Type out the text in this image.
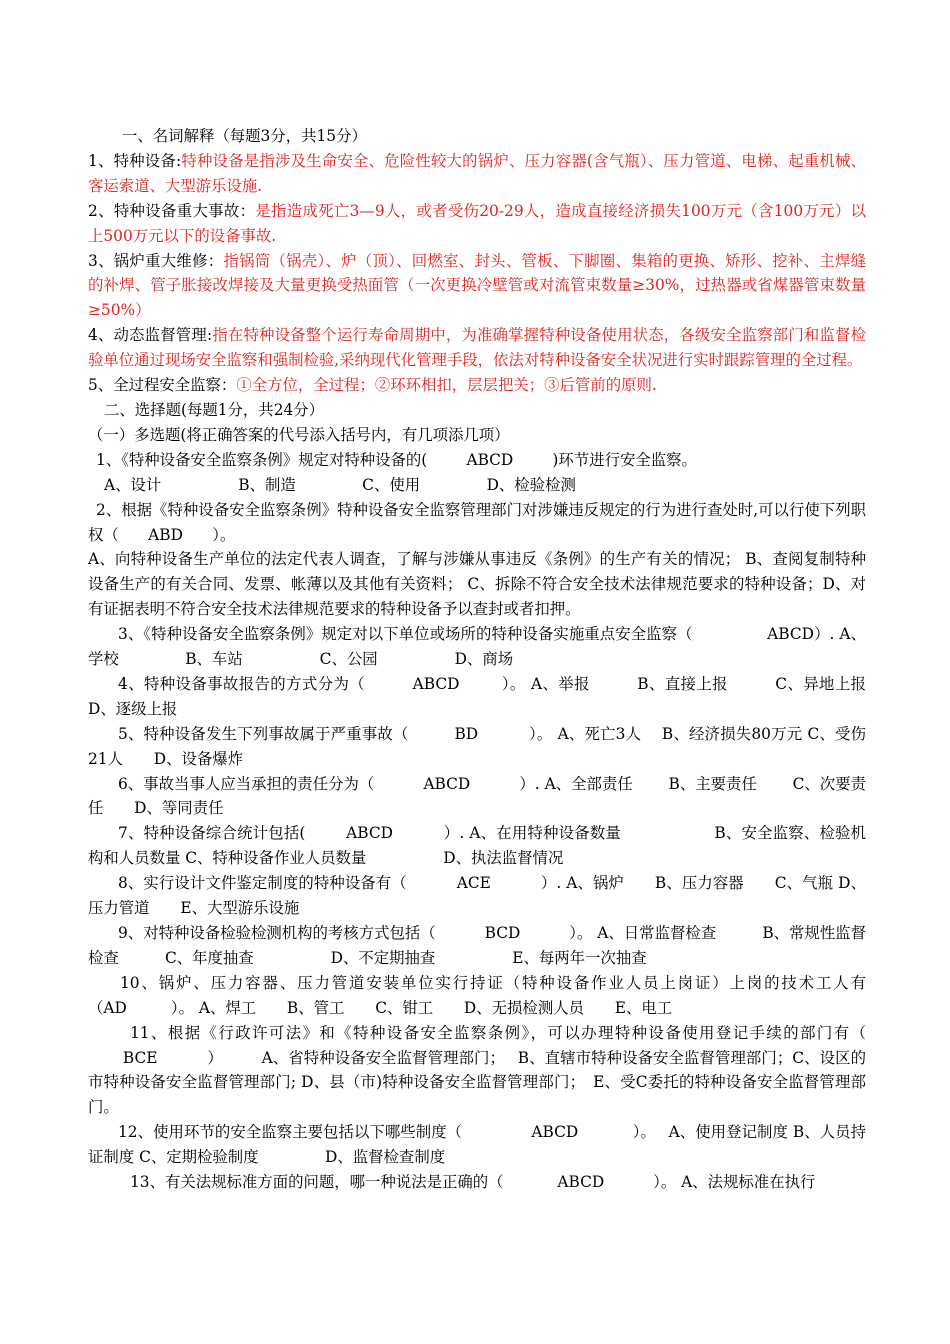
一、名词解释（每题3分，共15分）

1、特种设备:特种设备是指涉及生命安全、危险性较大的锅炉、压力容器(含气瓶）、压力管道、电梯、起重机械、客运索道、大型游乐设施.

2、特种设备重大事故：是指造成死亡3—9人，或者受伤20-29人，造成直接经济损失100万元（含100万元）以上500万元以下的设备事故.

3、锅炉重大维修：指锅筒（锅壳）、炉（顶）、回燃室、封头、管板、下脚圈、集箱的更换、矫形、挖补、主焊缝的补焊、管子胀接改焊接及大量更换受热面管（一次更换冷壁管或对流管束数量≥30%，过热器或省煤器管束数量≥50%）

4、动态监督管理:指在特种设备整个运行寿命周期中，为准确掌握特种设备使用状态，各级安全监察部门和监督检验单位通过现场安全监察和强制检验,采纳现代化管理手段，依法对特种设备安全状况进行实时跟踪管理的全过程。

5、全过程安全监察：①全方位，全过程；②环环相扣，层层把关；③后管前的原则.

二、选择题(每题1分，共24分）

（一）多选题(将正确答案的代号添入括号内，有几项添几项）

1、《特种设备安全监察条例》规定对特种设备的(        ABCD        )环节进行安全监察。

A、设计　　　　　B、制造　　　　 C、使用　　　　 D、检验检测

2、根据《特种设备安全监察条例》特种设备安全监察管理部门对涉嫌违反规定的行为进行查处时,可以行使下列职权（      ABD      ）。

A、向特种设备生产单位的法定代表人调查，了解与涉嫌从事违反《条例》的生产有关的情况； B、查阅复制特种设备生产的有关合同、发票、帐薄以及其他有关资料； C、拆除不符合安全技术法律规范要求的特种设备；D、对有证据表明不符合安全技术法律规范要求的特种设备予以查封或者扣押。

3、《特种设备安全监察条例》规定对以下单位或场所的特种设备实施重点安全监察（               ABCD）. A、学校　　　　 B、车站　　　　　C、公园　　　　　D、商场

4、特种设备事故报告的方式分为（         ABCD        ）。 A、举报　　　B、直接上报　　　C、异地上报　　　D、逐级上报

5、特种设备发生下列事故属于严重事故（         BD          ）。 A、死亡3人　 B、经济损失80万元 C、受伤21人　　D、设备爆炸

6、事故当事人应当承担的责任分为（          ABCD          ）. A、全部责任　　 B、主要责任　　 C、次要责任　　D、等同责任

7、特种设备综合统计包括(        ABCD          ）. A、在用特种设备数量　　　　　　B、安全监察、检验机构和人员数量 C、特种设备作业人员数量　　　　　D、执法监督情况

8、实行设计文件鉴定制度的特种设备有（          ACE          ）. A、锅炉　　B、压力容器　　C、气瓶 D、压力管道　　E、大型游乐设施

9、对特种设备检验检测机构的考核方式包括（          BCD          ）。 A、日常监督检查　　　B、常规性监督检查　　　C、年度抽查　　　　　D、不定期抽查　　　　　E、每两年一次抽查

10、锅炉、压力容器、压力管道安装单位实行持证（特种设备作业人员上岗证）上岗的技术工人有（AD         ）。 A、焊工　　B、管工　　C、钳工　　D、无损检测人员　　E、电工

11、根据《行政许可法》和《特种设备安全监察条例》，可以办理特种设备使用登记手续的部门有（       BCE          ）　　　A、省特种设备安全监督管理部门；　 B、直辖市特种设备安全监督管理部门；C、设区的市特种设备安全监督管理部门; D、县（市)特种设备安全监督管理部门；　E、受C委托的特种设备安全监督管理部门。

12、使用环节的安全监察主要包括以下哪些制度（              ABCD           ）。　 A、使用登记制度 B、人员持证制度 C、定期检验制度　　　　 D、监督检查制度

13、有关法规标准方面的问题，哪一种说法是正确的（           ABCD          ）。 A、法规标准在执行
